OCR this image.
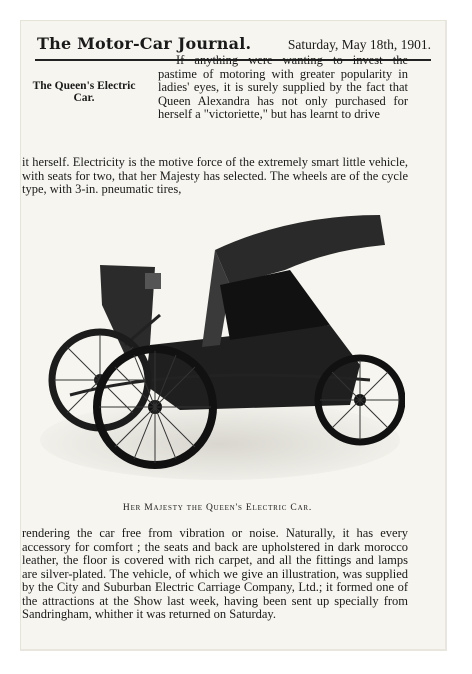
The Motor-Car Journal.	Saturday, May 18th, 1901.
The Queen's Electric Car.
If anything were wanting to invest the pastime of motoring with greater popularity in ladies' eyes, it is surely supplied by the fact that Queen Alexandra has not only purchased for herself a "victoriette," but has learnt to drive
it herself. Electricity is the motive force of the extremely smart little vehicle, with seats for two, that her Majesty has selected. The wheels are of the cycle type, with 3-in. pneumatic tires,
Her Majesty the Queen's Electric Car.
rendering the car free from vibration or noise. Naturally, it has every accessory for comfort ; the seats and back are upholstered in dark morocco leather, the floor is covered with rich carpet, and all the fittings and lamps are silver-plated. The vehicle, of which we give an illustration, was supplied by the City and Suburban Electric Carriage Company, Ltd.; it formed one of the attractions at the Show last week, having been sent up specially from Sandringham, whither it was returned on Saturday.
